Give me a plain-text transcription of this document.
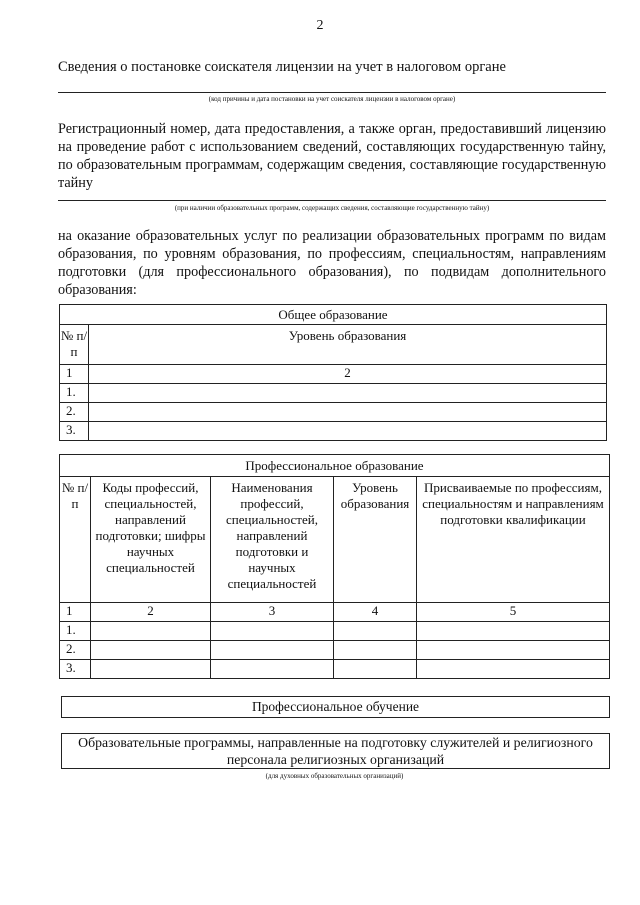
2
Сведения о постановке соискателя лицензии на учет в налоговом органе
(код причины и дата постановки на учет соискателя лицензии в налоговом органе)
Регистрационный номер, дата предоставления, а также орган, предоставивший лицензию на проведение работ с использованием сведений, составляющих государственную тайну, по образовательным программам, содержащим сведения, составляющие государственную тайну
(при наличии образовательных программ, содержащих сведения, составляющие государственную тайну)
на оказание образовательных услуг по реализации образовательных программ по видам образования, по уровням образования, по профессиям, специальностям, направлениям подготовки (для профессионального образования), по подвидам дополнительного образования:
Общее образование	
№ п/п	Уровень образования
1	2
1.	
2.	
3.	
Профессиональное образование				
№ п/п	Коды профессий, специальностей, направлений подготовки; шифры научных специальностей	Наименования профессий, специальностей, направлений подготовки и научных специальностей	Уровень образования	Присваиваемые по профессиям, специальностям и направлениям подготовки квалификации
1	2	3	4	5
1.				
2.				
3.				
Профессиональное обучение
Образовательные программы, направленные на подготовку служителей и религиозного персонала религиозных организаций
(для духовных образовательных организаций)
